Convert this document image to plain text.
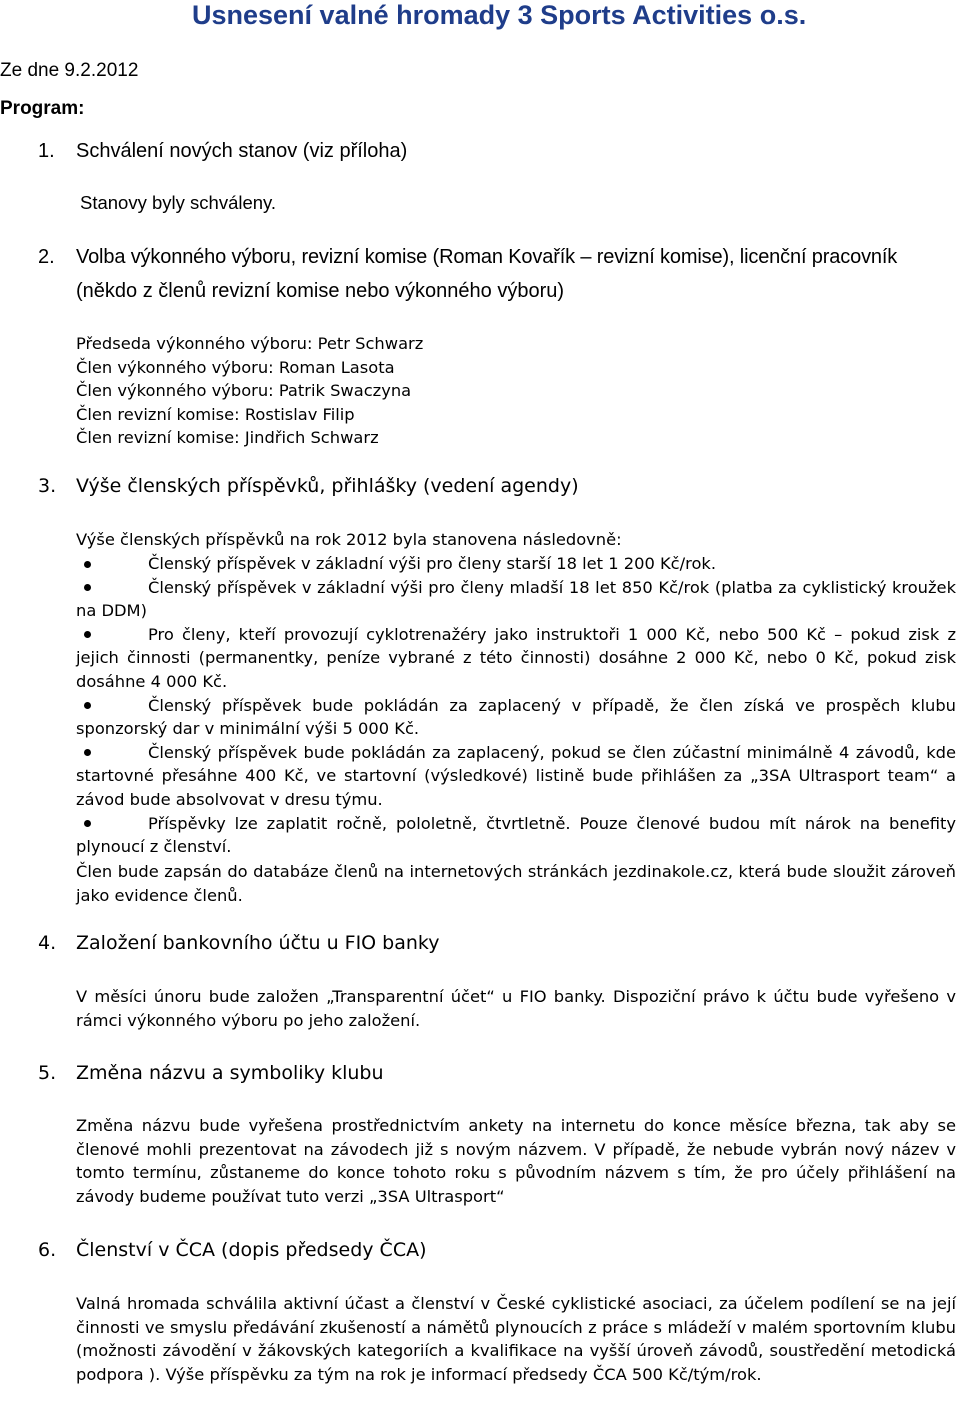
Usnesení valné hromady 3 Sports Activities o.s.
Ze dne 9.2.2012
Program:
1. Schválení nových stanov (viz příloha)
Stanovy byly schváleny.
2. Volba výkonného výboru, revizní komise (Roman Kovařík – revizní komise), licenční pracovník
(někdo z členů revizní komise nebo výkonného výboru)
Předseda výkonného výboru: Petr Schwarz
Člen výkonného výboru: Roman Lasota
Člen výkonného výboru: Patrik Swaczyna
Člen revizní komise: Rostislav Filip
Člen revizní komise: Jindřich Schwarz
3. Výše členských příspěvků, přihlášky (vedení agendy)
Výše členských příspěvků na rok 2012 byla stanovena následovně:
Členský příspěvek v základní výši pro členy starší 18 let 1 200 Kč/rok.
Členský příspěvek v základní výši pro členy mladší 18 let 850 Kč/rok (platba za cyklistický kroužek na DDM)
Pro členy, kteří provozují cyklotrenažéry jako instruktoři 1 000 Kč, nebo 500 Kč – pokud zisk z jejich činnosti (permanentky, peníze vybrané z této činnosti) dosáhne 2 000 Kč, nebo 0 Kč, pokud zisk dosáhne 4 000 Kč.
Členský příspěvek bude pokládán za zaplacený v případě, že člen získá ve prospěch klubu sponzorský dar v minimální výši 5 000 Kč.
Členský příspěvek bude pokládán za zaplacený, pokud se člen zúčastní minimálně 4 závodů, kde startovné přesáhne 400 Kč, ve startovní (výsledkové) listině bude přihlášen za „3SA Ultrasport team“ a závod bude absolvovat v dresu týmu.
Příspěvky lze zaplatit ročně, pololetně, čtvrtletně. Pouze členové budou mít nárok na benefity plynoucí z členství.
Člen bude zapsán do databáze členů na internetových stránkách jezdinakole.cz, která bude sloužit zároveň jako evidence členů.
4. Založení bankovního účtu u FIO banky
V měsíci únoru bude založen „Transparentní účet“ u FIO banky. Dispoziční právo k účtu bude vyřešeno v rámci výkonného výboru po jeho založení.
5. Změna názvu a symboliky klubu
Změna názvu bude vyřešena prostřednictvím ankety na internetu do konce měsíce března, tak aby se členové mohli prezentovat na závodech již s novým názvem. V případě, že nebude vybrán nový název v tomto termínu, zůstaneme do konce tohoto roku s původním názvem s tím, že pro účely přihlášení na závody budeme používat tuto verzi „3SA Ultrasport“
6. Členství v ČCA (dopis předsedy ČCA)
Valná hromada schválila aktivní účast a členství v České cyklistické asociaci, za účelem podílení se na její činnosti ve smyslu předávání zkušeností a námětů plynoucích z práce s mládeží v malém sportovním klubu (možnosti závodění v žákovských kategoriích a kvalifikace na vyšší úroveň závodů, soustředění metodická podpora ). Výše příspěvku za tým na rok je informací předsedy ČCA 500 Kč/tým/rok.
